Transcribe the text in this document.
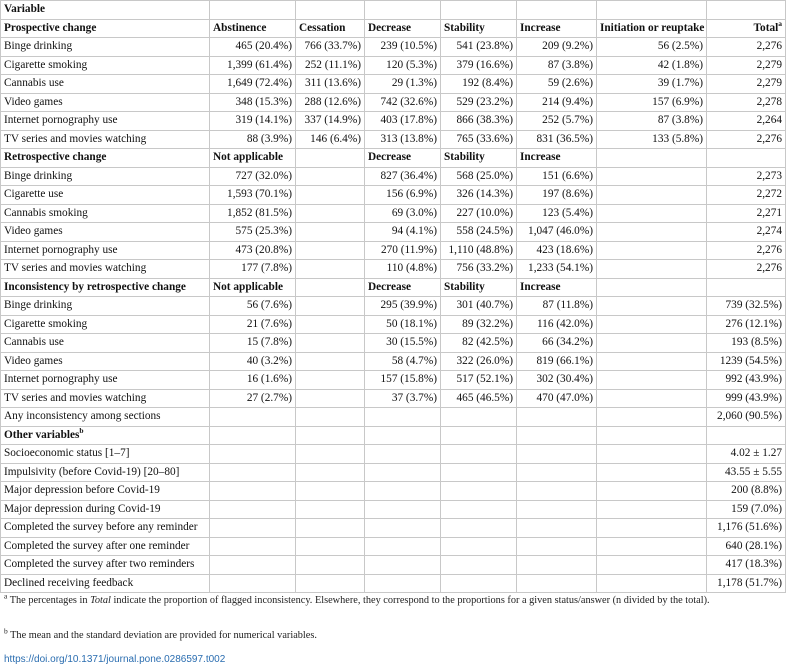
Variable							
Prospective change	Abstinence	Cessation	Decrease	Stability	Increase	Initiation or reuptake	Total$^a$
Binge drinking	465 (20.4%)	766 (33.7%)	239 (10.5%)	541 (23.8%)	209 (9.2%)	56 (2.5%)	2,276
Cigarette smoking	1,399 (61.4%)	252 (11.1%)	120 (5.3%)	379 (16.6%)	87 (3.8%)	42 (1.8%)	2,279
Cannabis use	1,649 (72.4%)	311 (13.6%)	29 (1.3%)	192 (8.4%)	59 (2.6%)	39 (1.7%)	2,279
Video games	348 (15.3%)	288 (12.6%)	742 (32.6%)	529 (23.2%)	214 (9.4%)	157 (6.9%)	2,278
Internet pornography use	319 (14.1%)	337 (14.9%)	403 (17.8%)	866 (38.3%)	252 (5.7%)	87 (3.8%)	2,264
TV series and movies watching	88 (3.9%)	146 (6.4%)	313 (13.8%)	765 (33.6%)	831 (36.5%)	133 (5.8%)	2,276
Retrospective change	Not applicable		Decrease	Stability	Increase		
Binge drinking	727 (32.0%)		827 (36.4%)	568 (25.0%)	151 (6.6%)		2,273
Cigarette use	1,593 (70.1%)		156 (6.9%)	326 (14.3%)	197 (8.6%)		2,272
Cannabis smoking	1,852 (81.5%)		69 (3.0%)	227 (10.0%)	123 (5.4%)		2,271
Video games	575 (25.3%)		94 (4.1%)	558 (24.5%)	1,047 (46.0%)		2,274
Internet pornography use	473 (20.8%)		270 (11.9%)	1,110 (48.8%)	423 (18.6%)		2,276
TV series and movies watching	177 (7.8%)		110 (4.8%)	756 (33.2%)	1,233 (54.1%)		2,276
Inconsistency by retrospective change	Not applicable		Decrease	Stability	Increase		
Binge drinking	56 (7.6%)		295 (39.9%)	301 (40.7%)	87 (11.8%)		739 (32.5%)
Cigarette smoking	21 (7.6%)		50 (18.1%)	89 (32.2%)	116 (42.0%)		276 (12.1%)
Cannabis use	15 (7.8%)		30 (15.5%)	82 (42.5%)	66 (34.2%)		193 (8.5%)
Video games	40 (3.2%)		58 (4.7%)	322 (26.0%)	819 (66.1%)		1239 (54.5%)
Internet pornography use	16 (1.6%)		157 (15.8%)	517 (52.1%)	302 (30.4%)		992 (43.9%)
TV series and movies watching	27 (2.7%)		37 (3.7%)	465 (46.5%)	470 (47.0%)		999 (43.9%)
Any inconsistency among sections							2,060 (90.5%)
Other variables$^b$							
Socioeconomic status [1–7]							4.02 ± 1.27
Impulsivity (before Covid-19) [20–80]							43.55 ± 5.55
Major depression before Covid-19							200 (8.8%)
Major depression during Covid-19							159 (7.0%)
Completed the survey before any reminder							1,176 (51.6%)
Completed the survey after one reminder							640 (28.1%)
Completed the survey after two reminders							417 (18.3%)
Declined receiving feedback							1,178 (51.7%)
$^a$ The percentages in Total indicate the proportion of flagged inconsistency. Elsewhere, they correspond to the proportions for a given status/answer (n divided by the total).
$^b$ The mean and the standard deviation are provided for numerical variables.
https://doi.org/10.1371/journal.pone.0286597.t002
